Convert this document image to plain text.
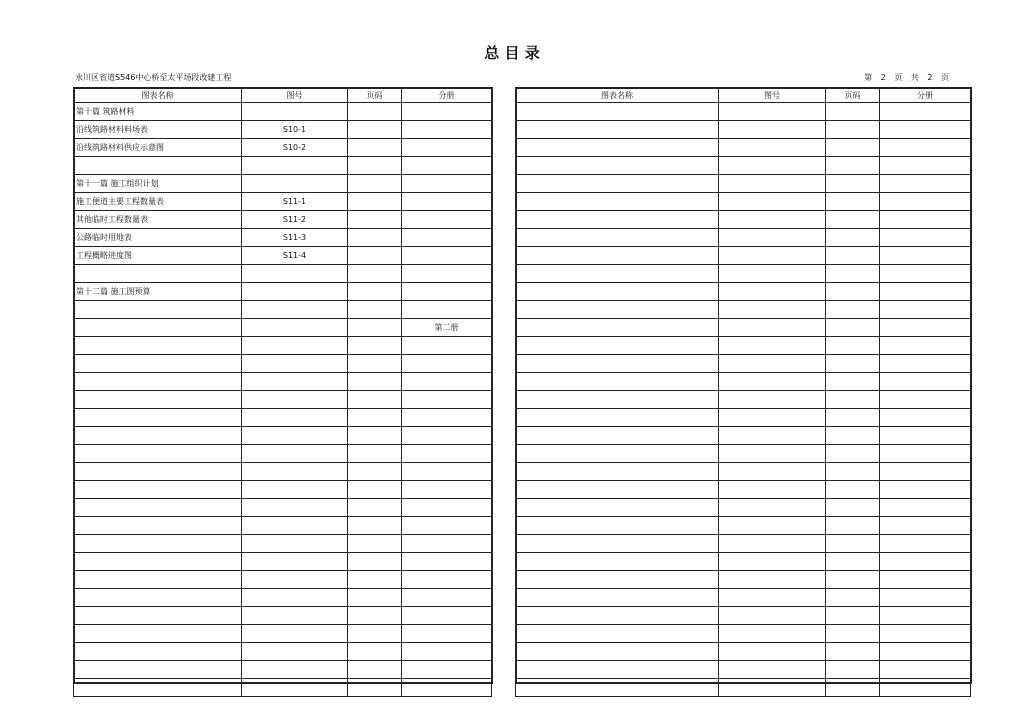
总 目 录
永川区省道S546中心桥至太平场段改建工程	第 2 页 共 2 页
图表名称	图号	页码	分册
第十篇 筑路材料			
沿线筑路材料料场表	S10-1		
沿线筑路材料供应示意图	S10-2		

第十一篇 施工组织计划			
施工便道主要工程数量表	S11-1		
其他临时工程数量表	S11-2		
公路临时用地表	S11-3		
工程概略进度图	S11-4		

第十二篇 施工图预算			

			第二册

图表名称	图号	页码	分册
